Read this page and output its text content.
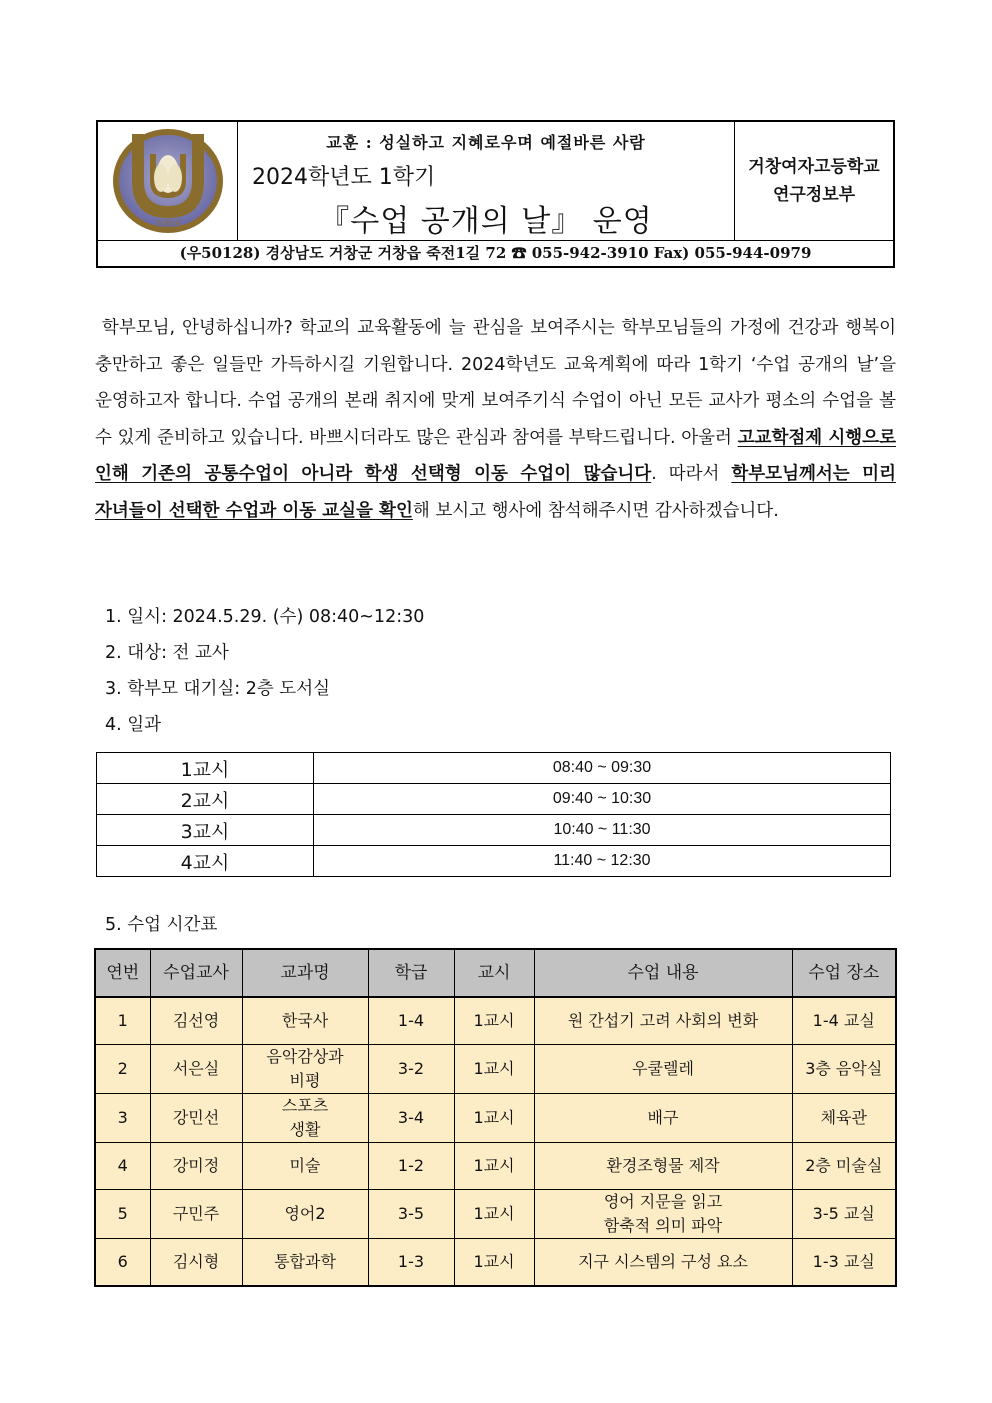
거창여
교훈 : 성실하고 지혜로우며 예절바른 사람
2024학년도 1학기
『수업 공개의 날』 운영
거창여자고등학교
연구정보부
(우50128) 경상남도 거창군 거창읍 죽전1길 72 ☎ 055-942-3910 Fax) 055-944-0979
학부모님, 안녕하십니까? 학교의 교육활동에 늘 관심을 보여주시는 학부모님들의 가정에 건강과 행복이 충만하고 좋은 일들만 가득하시길 기원합니다. 2024학년도 교육계획에 따라 1학기 ‘수업 공개의 날’을 운영하고자 합니다. 수업 공개의 본래 취지에 맞게 보여주기식 수업이 아닌 모든 교사가 평소의 수업을 볼 수 있게 준비하고 있습니다. 바쁘시더라도 많은 관심과 참여를 부탁드립니다. 아울러 고교학점제 시행으로 인해 기존의 공통수업이 아니라 학생 선택형 이동 수업이 많습니다. 따라서 학부모님께서는 미리 자녀들이 선택한 수업과 이동 교실을 확인해 보시고 행사에 참석해주시면 감사하겠습니다.
1. 일시: 2024.5.29. (수) 08:40~12:30
2. 대상: 전 교사
3. 학부모 대기실: 2층 도서실
4. 일과
1교시	08:40 ~ 09:30
2교시	09:40 ~ 10:30
3교시	10:40 ~ 11:30
4교시	11:40 ~ 12:30
5. 수업 시간표
연번	수업교사	교과명	학급	교시	수업 내용	수업 장소
1	김선영	한국사	1-4	1교시	원 간섭기 고려 사회의 변화	1-4 교실
2	서은실	음악감상과
비평	3-2	1교시	우쿨렐레	3층 음악실
3	강민선	스포츠
생활	3-4	1교시	배구	체육관
4	강미정	미술	1-2	1교시	환경조형물 제작	2층 미술실
5	구민주	영어2	3-5	1교시	영어 지문을 읽고
함축적 의미 파악	3-5 교실
6	김시형	통합과학	1-3	1교시	지구 시스템의 구성 요소	1-3 교실
